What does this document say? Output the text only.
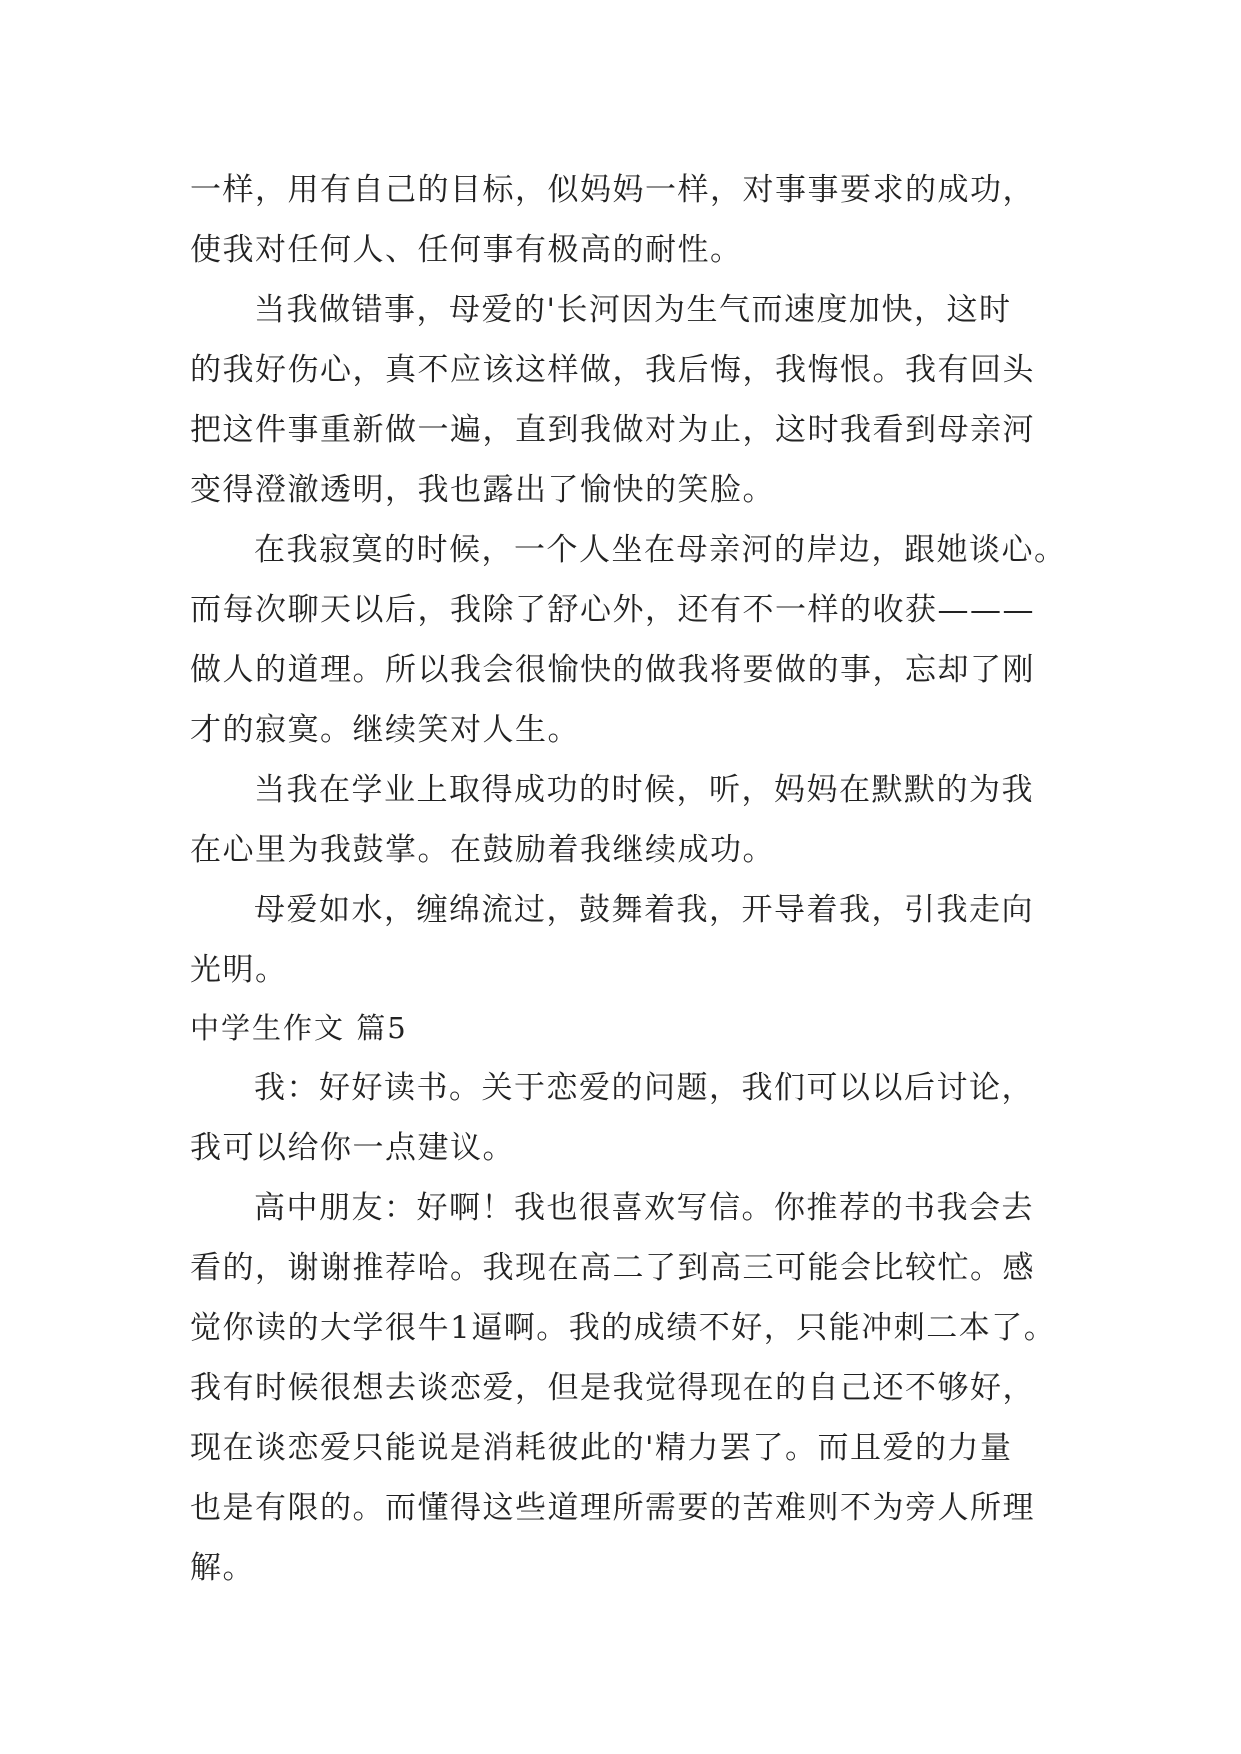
一样，用有自己的目标，似妈妈一样，对事事要求的成功，
使我对任何人、任何事有极高的耐性。
当我做错事，母爱的'长河因为生气而速度加快，这时
的我好伤心，真不应该这样做，我后悔，我悔恨。我有回头
把这件事重新做一遍，直到我做对为止，这时我看到母亲河
变得澄澈透明，我也露出了愉快的笑脸。
在我寂寞的时候，一个人坐在母亲河的岸边，跟她谈心。
而每次聊天以后，我除了舒心外，还有不一样的收获———
做人的道理。所以我会很愉快的做我将要做的事，忘却了刚
才的寂寞。继续笑对人生。
当我在学业上取得成功的时候，听，妈妈在默默的为我
在心里为我鼓掌。在鼓励着我继续成功。
母爱如水，缠绵流过，鼓舞着我，开导着我，引我走向
光明。
中学生作文 篇5
我：好好读书。关于恋爱的问题，我们可以以后讨论，
我可以给你一点建议。
高中朋友：好啊！我也很喜欢写信。你推荐的书我会去
看的，谢谢推荐哈。我现在高二了到高三可能会比较忙。感
觉你读的大学很牛1逼啊。我的成绩不好，只能冲刺二本了。
我有时候很想去谈恋爱，但是我觉得现在的自己还不够好，
现在谈恋爱只能说是消耗彼此的'精力罢了。而且爱的力量
也是有限的。而懂得这些道理所需要的苦难则不为旁人所理
解。
